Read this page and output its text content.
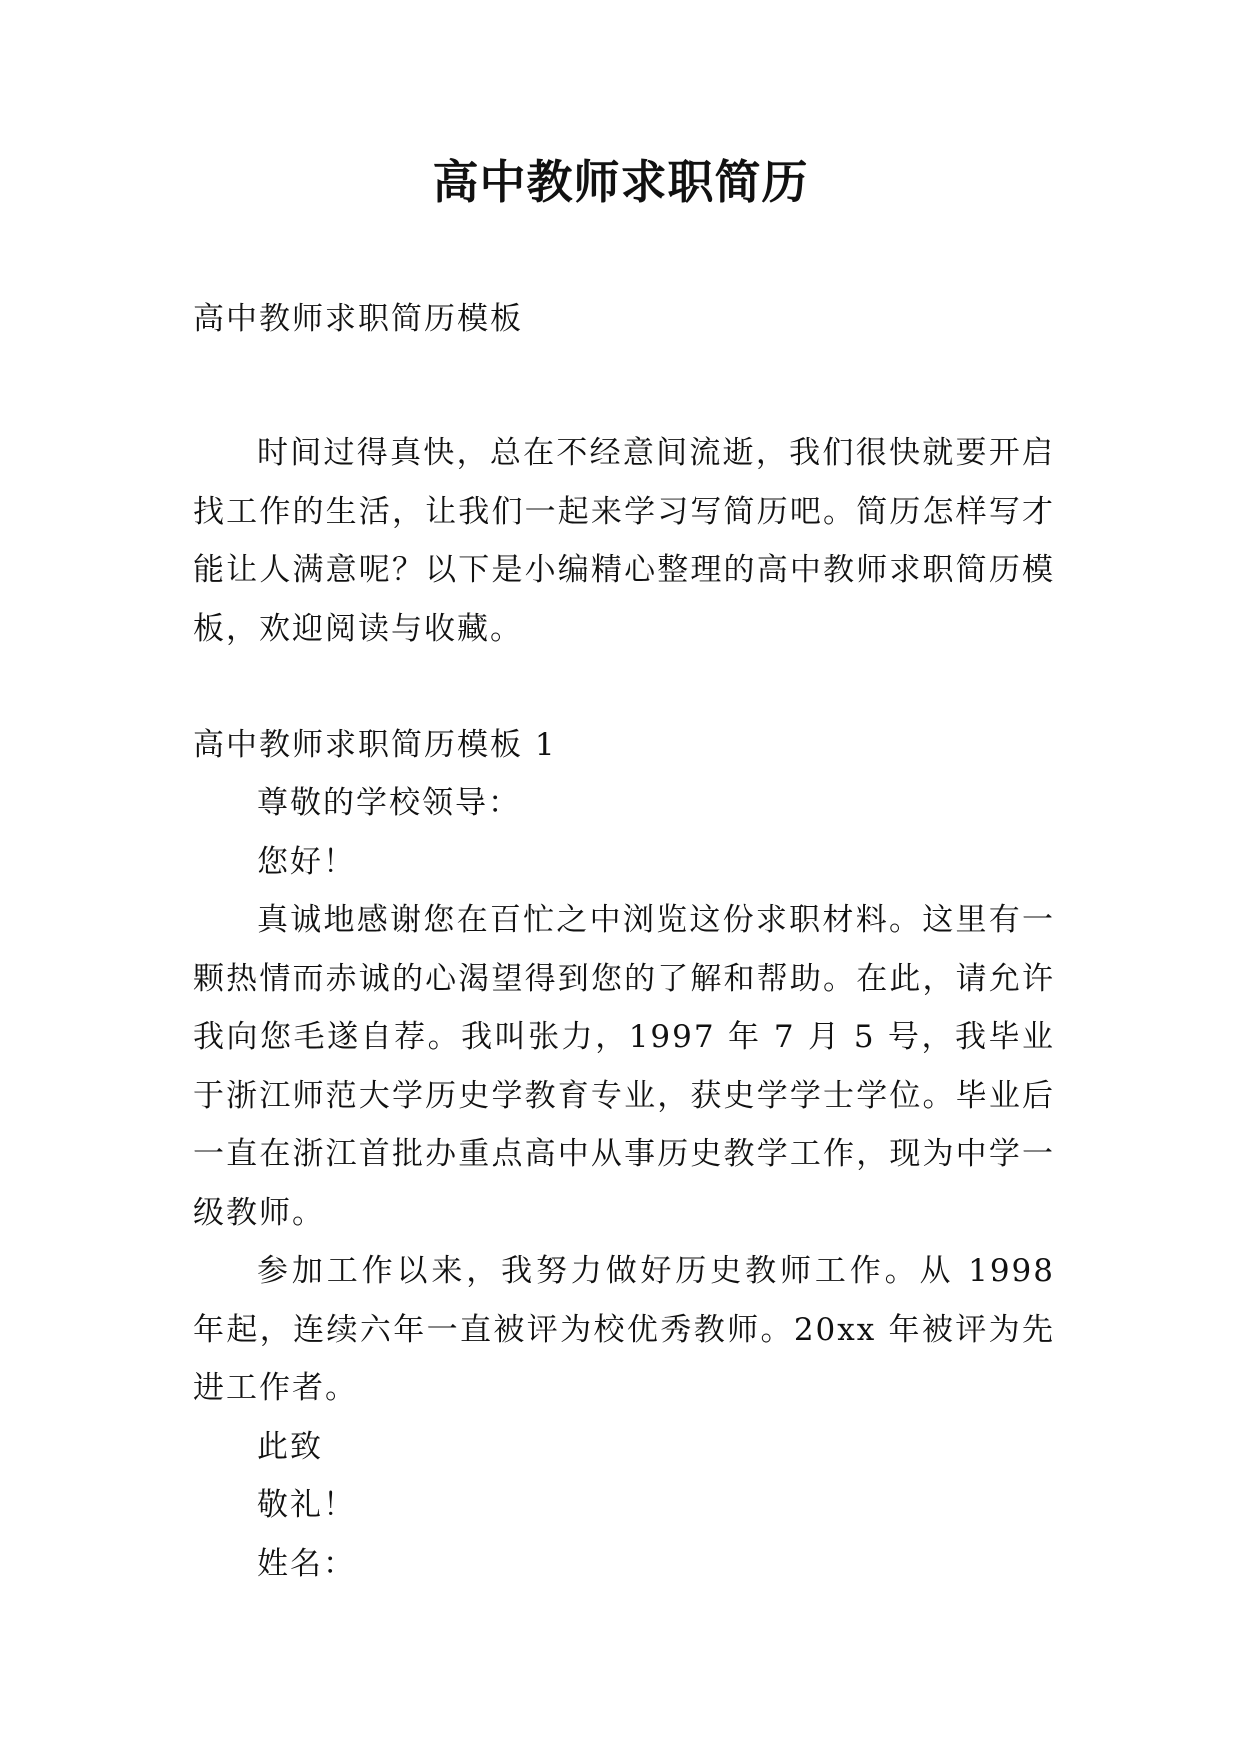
高中教师求职简历

高中教师求职简历模板

时间过得真快，总在不经意间流逝，我们很快就要开启找工作的生活，让我们一起来学习写简历吧。简历怎样写才能让人满意呢？以下是小编精心整理的高中教师求职简历模板，欢迎阅读与收藏。

高中教师求职简历模板 1

尊敬的学校领导：

您好！

真诚地感谢您在百忙之中浏览这份求职材料。这里有一颗热情而赤诚的心渴望得到您的了解和帮助。在此，请允许我向您毛遂自荐。我叫张力，1997 年 7 月 5 号，我毕业于浙江师范大学历史学教育专业，获史学学士学位。毕业后一直在浙江首批办重点高中从事历史教学工作，现为中学一级教师。

参加工作以来，我努力做好历史教师工作。从 1998 年起，连续六年一直被评为校优秀教师。20xx 年被评为先进工作者。

此致

敬礼！

姓名：
